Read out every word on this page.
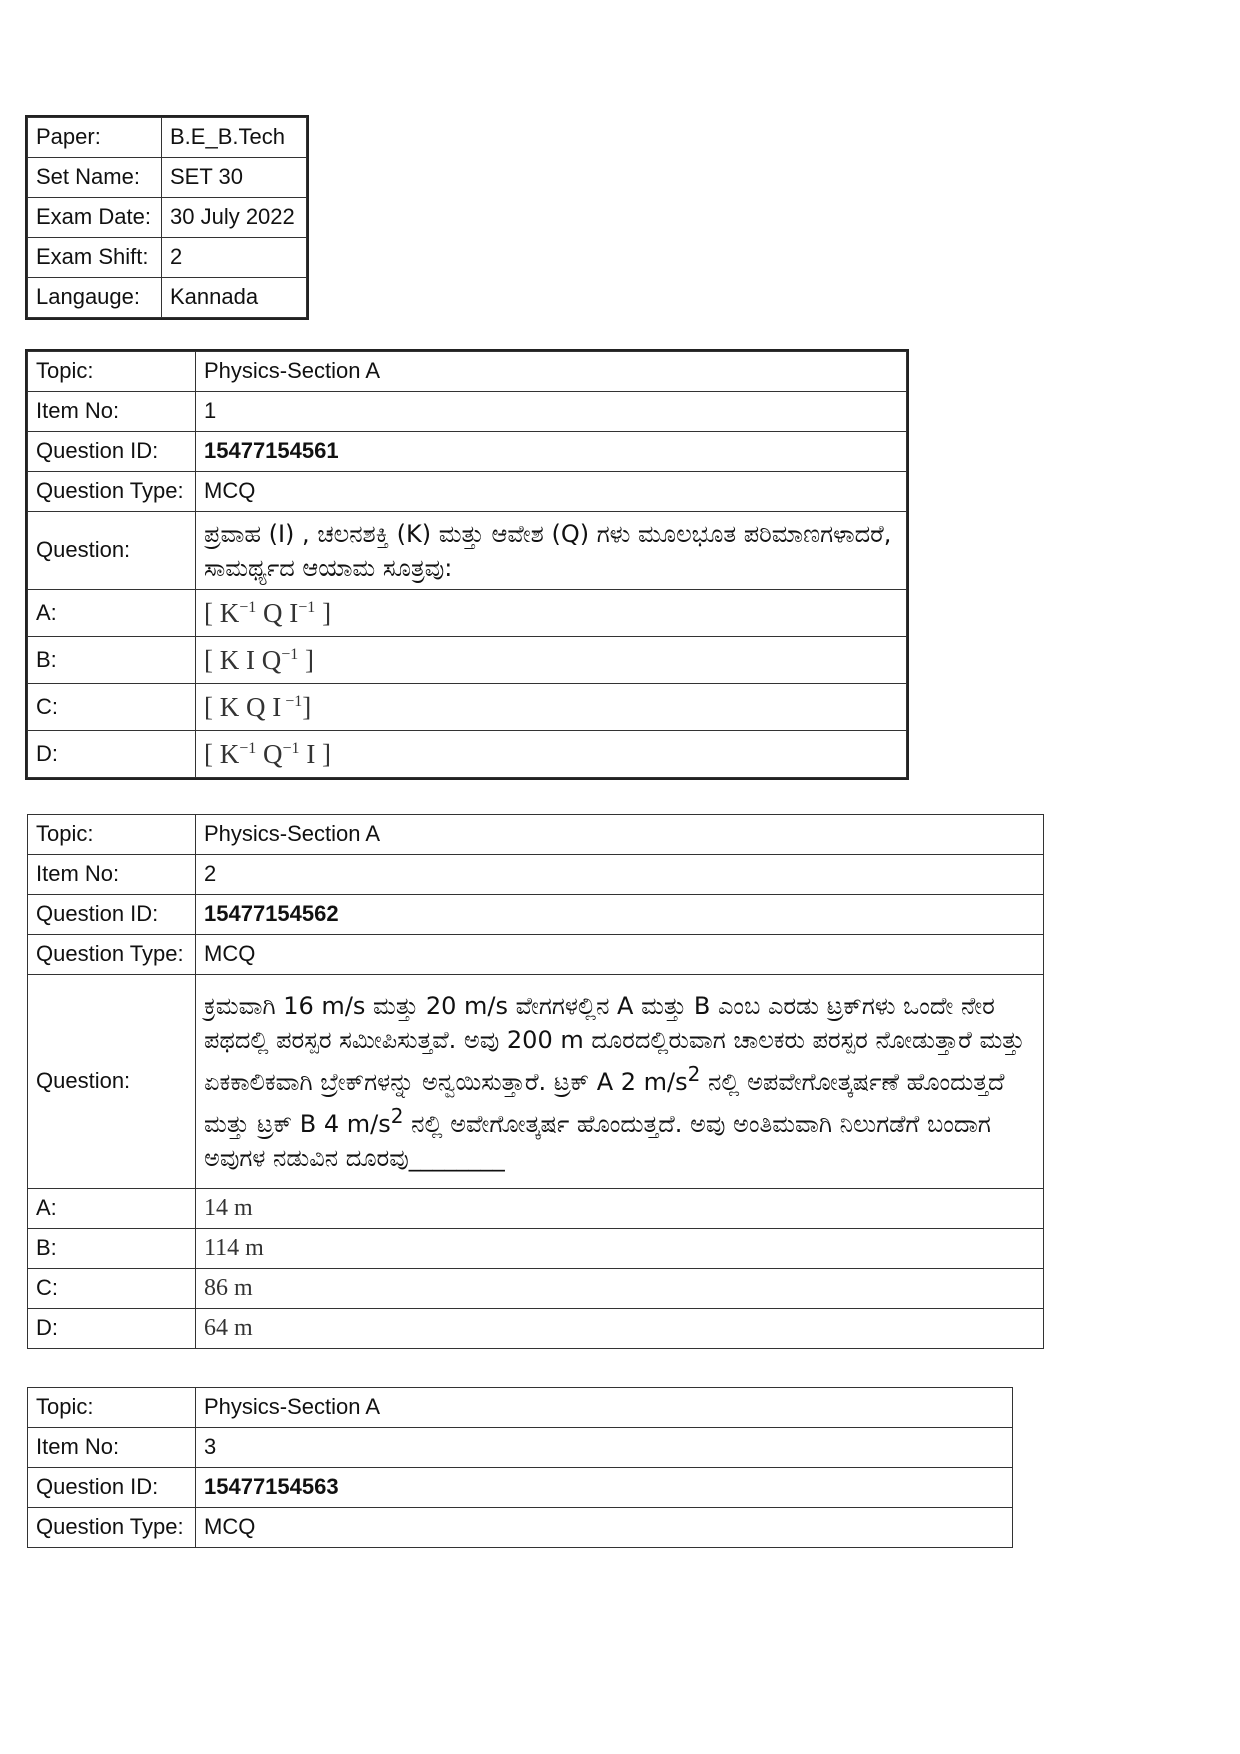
Paper:	B.E_B.Tech
Set Name:	SET 30
Exam Date:	30 July 2022
Exam Shift:	2
Langauge:	Kannada
Topic:	Physics-Section A
Item No:	1
Question ID:	15477154561
Question Type:	MCQ
Question:	ಪ್ರವಾಹ (I) , ಚಲನಶಕ್ತಿ (K) ಮತ್ತು ಆವೇಶ (Q) ಗಳು ಮೂಲಭೂತ ಪರಿಮಾಣಗಳಾದರೆ, ಸಾಮರ್ಥ್ಯದ ಆಯಾಮ ಸೂತ್ರವು:
A:	[ $K^{-1}$ Q $I^{-1}$ ]
B:	[ K I $Q^{-1}$ ]
C:	[ K Q I $^{-1}$]
D:	[ $K^{-1}$ $Q^{-1}$ I ]
Topic:	Physics-Section A
Item No:	2
Question ID:	15477154562
Question Type:	MCQ
Question:	ಕ್ರಮವಾಗಿ 16 m/s ಮತ್ತು 20 m/s ವೇಗಗಳಲ್ಲಿನ A ಮತ್ತು B ಎಂಬ ಎರಡು ಟ್ರಕ್‌ಗಳು ಒಂದೇ ನೇರ ಪಥದಲ್ಲಿ ಪರಸ್ಪರ ಸಮೀಪಿಸುತ್ತವೆ. ಅವು 200 m ದೂರದಲ್ಲಿರುವಾಗ ಚಾಲಕರು ಪರಸ್ಪರ ನೋಡುತ್ತಾರೆ ಮತ್ತು ಏಕಕಾಲಿಕವಾಗಿ ಬ್ರೇಕ್‌ಗಳನ್ನು ಅನ್ವಯಿಸುತ್ತಾರೆ. ಟ್ರಕ್ A 2 $m/s^2$ ನಲ್ಲಿ ಅಪವೇಗೋತ್ಕರ್ಷಣೆ ಹೊಂದುತ್ತದೆ ಮತ್ತು ಟ್ರಕ್ B 4 $m/s^2$ ನಲ್ಲಿ ಅವೇಗೋತ್ಕರ್ಷ ಹೊಂದುತ್ತದೆ. ಅವು ಅಂತಿಮವಾಗಿ ನಿಲುಗಡೆಗೆ ಬಂದಾಗ ಅವುಗಳ ನಡುವಿನ ದೂರವು________
A:	14 m
B:	114 m
C:	86 m
D:	64 m
Topic:	Physics-Section A
Item No:	3
Question ID:	15477154563
Question Type:	MCQ
